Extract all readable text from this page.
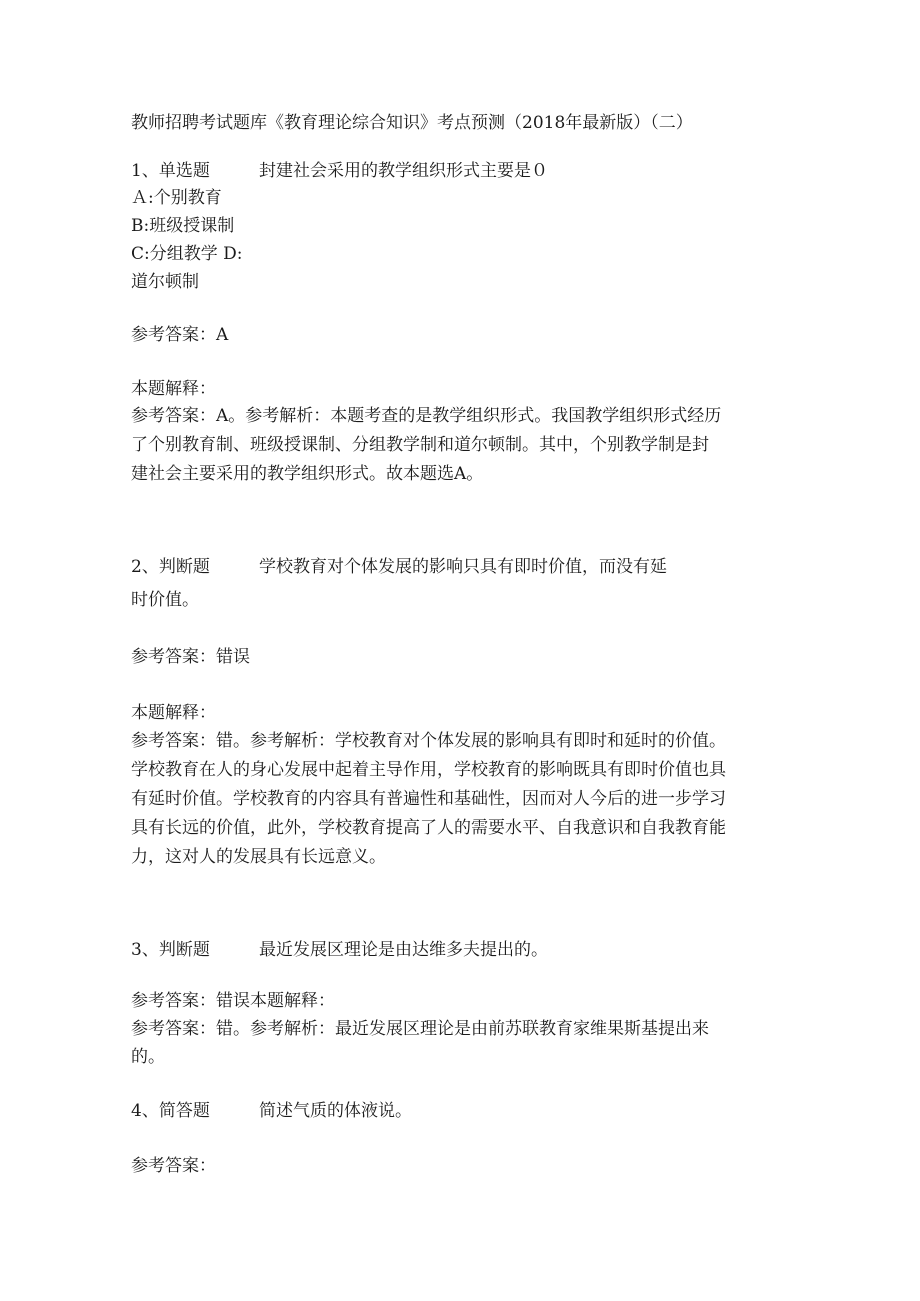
教师招聘考试题库《教育理论综合知识》考点预测（2018年最新版）（二）
1、单选题	封建社会采用的教学组织形式主要是０
Ａ:个别教育
B:班级授课制
C:分组教学 D:
道尔顿制
参考答案：A
本题解释：
参考答案：A。参考解析：本题考查的是教学组织形式。我国教学组织形式经历
了个别教育制、班级授课制、分组教学制和道尔顿制。其中，个别教学制是封
建社会主要采用的教学组织形式。故本题选A。
2、判断题	学校教育对个体发展的影响只具有即时价值，而没有延
时价值。
参考答案：错误
本题解释：
参考答案：错。参考解析：学校教育对个体发展的影响具有即时和延时的价值。
学校教育在人的身心发展中起着主导作用，学校教育的影响既具有即时价值也具
有延时价值。学校教育的内容具有普遍性和基础性，因而对人今后的进一步学习
具有长远的价值，此外，学校教育提高了人的需要水平、自我意识和自我教育能
力，这对人的发展具有长远意义。
3、判断题	最近发展区理论是由达维多夫提出的。
参考答案：错误本题解释：
参考答案：错。参考解析：最近发展区理论是由前苏联教育家维果斯基提出来
的。
4、简答题	简述气质的体液说。
参考答案：
